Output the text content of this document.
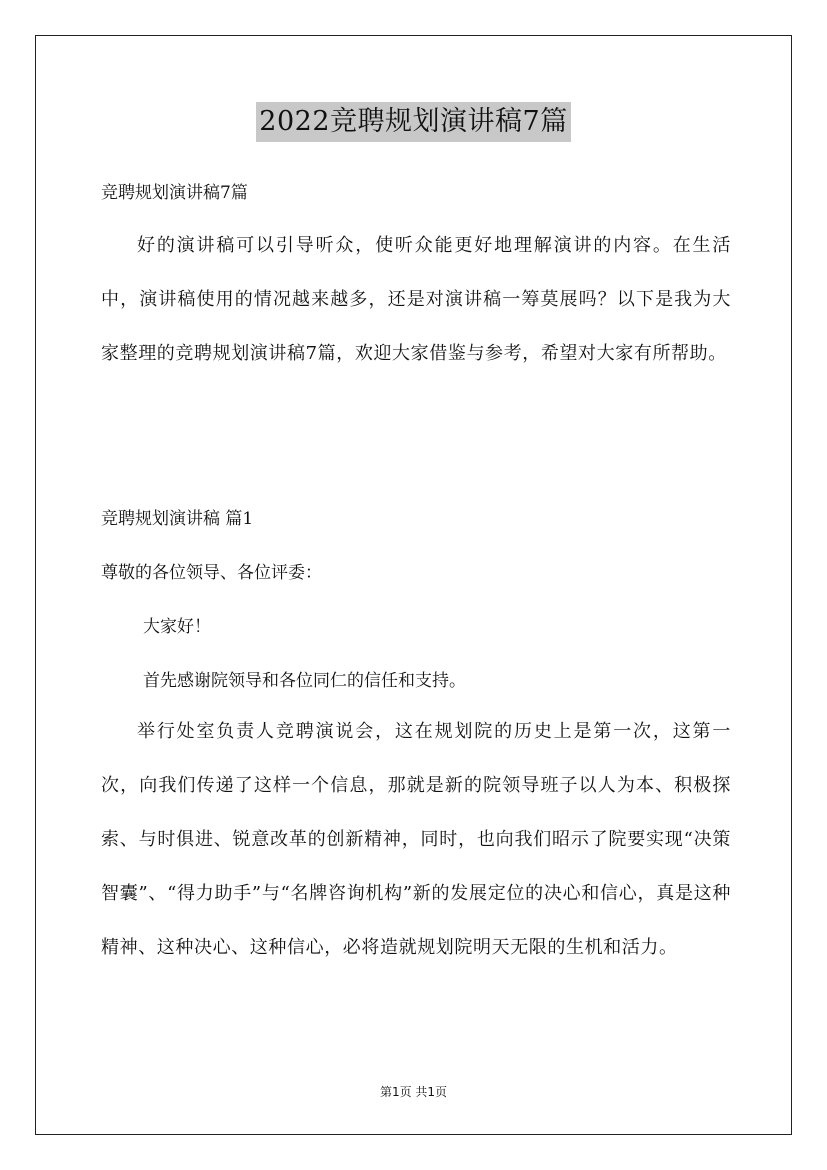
2022竞聘规划演讲稿7篇

竞聘规划演讲稿7篇

好的演讲稿可以引导听众，使听众能更好地理解演讲的内容。在生活中，演讲稿使用的情况越来越多，还是对演讲稿一筹莫展吗？以下是我为大家整理的竞聘规划演讲稿7篇，欢迎大家借鉴与参考，希望对大家有所帮助。

竞聘规划演讲稿 篇1

尊敬的各位领导、各位评委：

大家好！

首先感谢院领导和各位同仁的信任和支持。

举行处室负责人竞聘演说会，这在规划院的历史上是第一次，这第一次，向我们传递了这样一个信息，那就是新的院领导班子以人为本、积极探索、与时俱进、锐意改革的创新精神，同时，也向我们昭示了院要实现“决策智囊”、“得力助手”与“名牌咨询机构”新的发展定位的决心和信心，真是这种精神、这种决心、这种信心，必将造就规划院明天无限的生机和活力。

第1页 共1页
